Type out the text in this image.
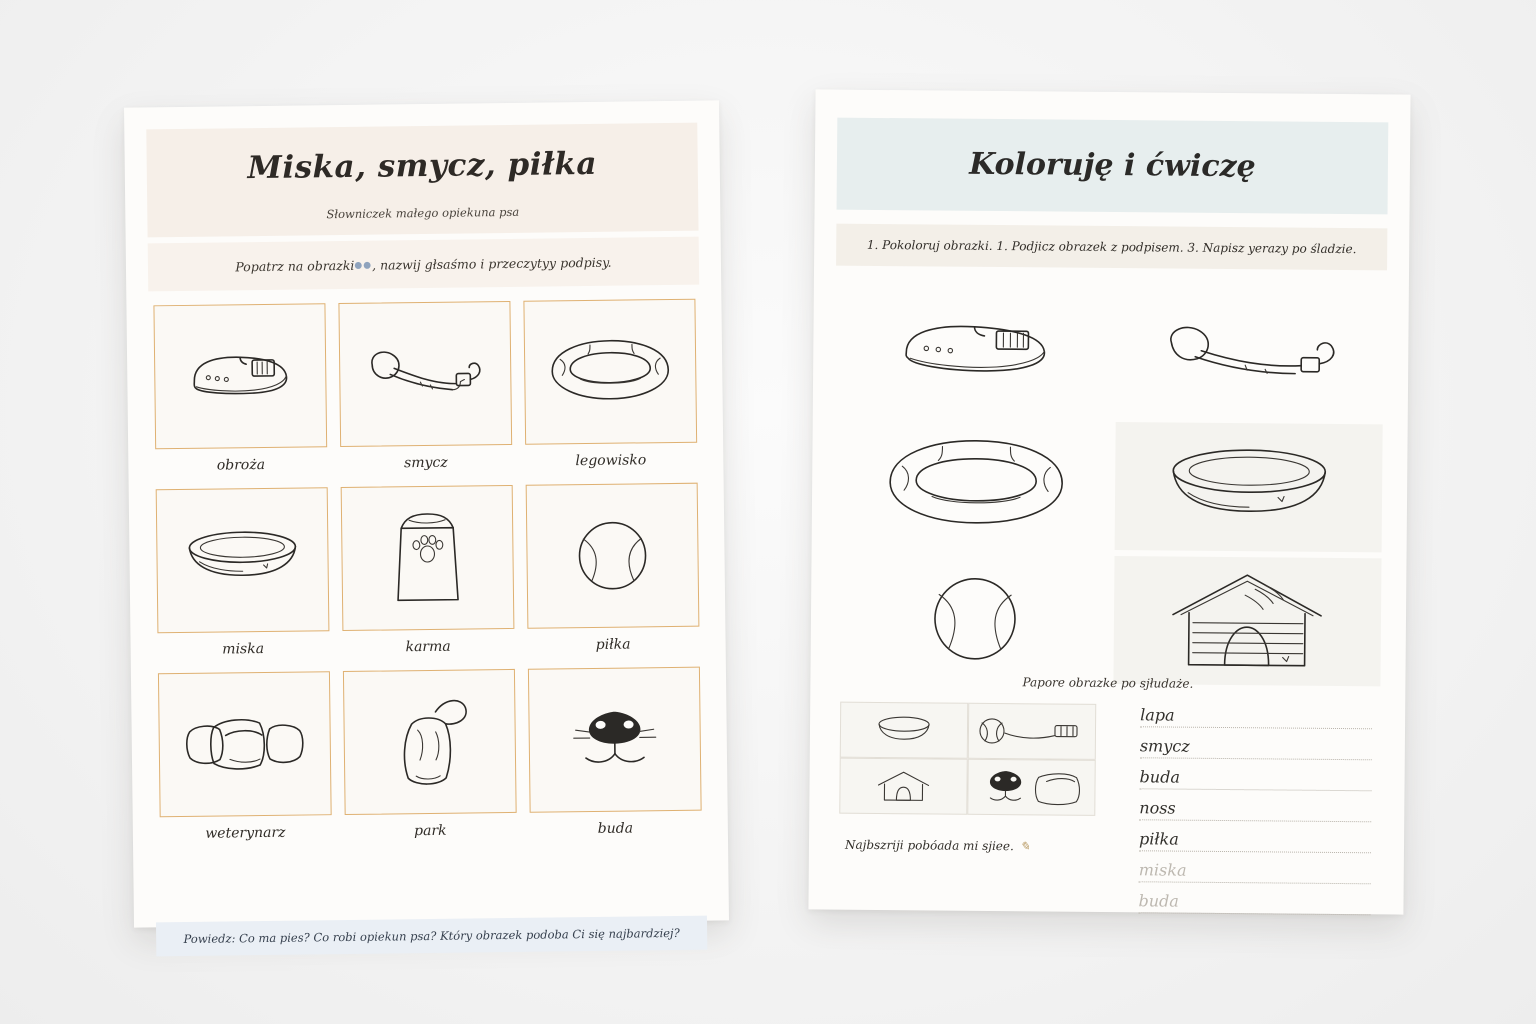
Miska, smycz, piłka
Słowniczek małego opiekuna psa
Popatrz na obrazki●●, nazwij głsaśmo i przeczytyу podpisy.
obroża	smycz	legowisko
miska	karma	piłka
weterynarz	park	buda
Powiedz: Co ma pies? Co robi opiekun psa? Który obrazek podoba Ci się najbardziej?
Koloruję i ćwiczę
1. Pokoloruj obrazki. 1. Podjicz obrazek z podpisem. 3. Napisz yerazy po śladzie.
Papore obrazke po sjłudaże.
lapa
smycz
buda
noss
piłka
miska
buda
Najbszrijі pobóada mі sjіee. ✎
